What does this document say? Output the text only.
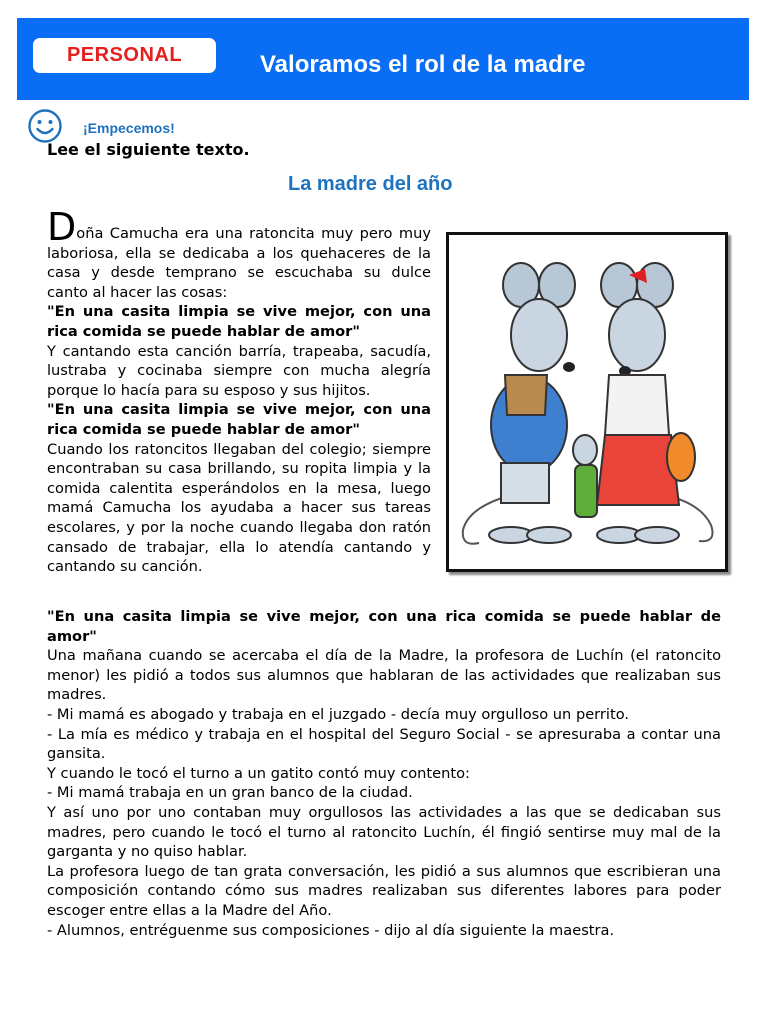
PERSONAL	Valoramos el rol de la madre
¡Empecemos!
Lee el siguiente texto.
La madre del año

Doña Camucha era una ratoncita muy pero muy laboriosa, ella se dedicaba a los quehaceres de la casa y desde temprano se escuchaba su dulce canto al hacer las cosas:

"En una casita limpia se vive mejor, con una rica comida se puede hablar de amor"

Y cantando esta canción barría, trapeaba, sacudía, lustraba y cocinaba siempre con mucha alegría porque lo hacía para su esposo y sus hijitos.

"En una casita limpia se vive mejor, con una rica comida se puede hablar de amor"

Cuando los ratoncitos llegaban del colegio; siempre encontraban su casa brillando, su ropita limpia y la comida calentita esperándolos en la mesa, luego mamá Camucha los ayudaba a hacer sus tareas escolares, y por la noche cuando llegaba don ratón cansado de trabajar, ella lo atendía cantando y cantando su canción.

"En una casita limpia se vive mejor, con una rica comida se puede hablar de amor"

Una mañana cuando se acercaba el día de la Madre, la profesora de Luchín (el ratoncito menor) les pidió a todos sus alumnos que hablaran de las actividades que realizaban sus madres.

- Mi mamá es abogado y trabaja en el juzgado - decía muy orgulloso un perrito.

- La mía es médico y trabaja en el hospital del Seguro Social - se apresuraba a contar una gansita.

Y cuando le tocó el turno a un gatito contó muy contento:

- Mi mamá trabaja en un gran banco de la ciudad.

Y así uno por uno contaban muy orgullosos las actividades a las que se dedicaban sus madres, pero cuando le tocó el turno al ratoncito Luchín, él fingió sentirse muy mal de la garganta y no quiso hablar.

La profesora luego de tan grata conversación, les pidió a sus alumnos que escribieran una composición contando cómo sus madres realizaban sus diferentes labores para poder escoger entre ellas a la Madre del Año.

- Alumnos, entréguenme sus composiciones - dijo al día siguiente la maestra.
